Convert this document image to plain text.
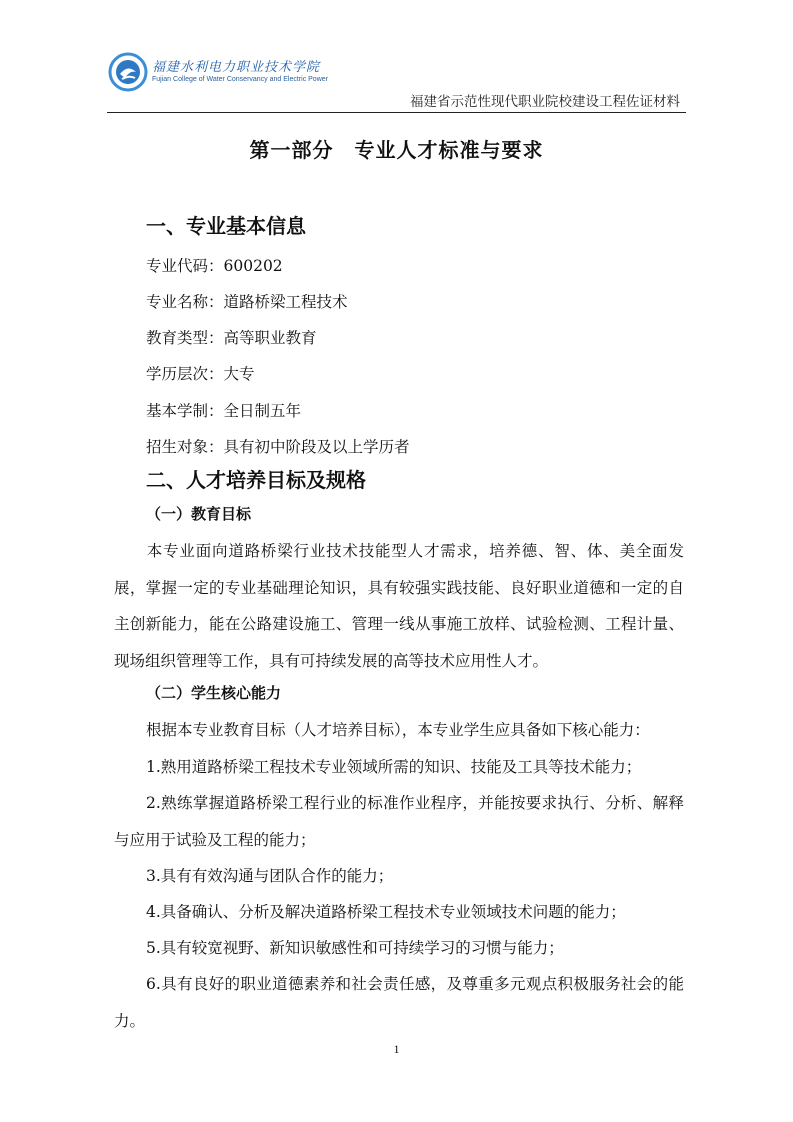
福建水利电力职业技术学院
Fujian College of Water Conservancy and Electric Power
福建省示范性现代职业院校建设工程佐证材料
第一部分　专业人才标准与要求
一、专业基本信息
专业代码：600202
专业名称：道路桥梁工程技术
教育类型：高等职业教育
学历层次：大专
基本学制：全日制五年
招生对象：具有初中阶段及以上学历者
二、人才培养目标及规格
（一）教育目标
本专业面向道路桥梁行业技术技能型人才需求，培养德、智、体、美全面发展，掌握一定的专业基础理论知识，具有较强实践技能、良好职业道德和一定的自主创新能力，能在公路建设施工、管理一线从事施工放样、试验检测、工程计量、现场组织管理等工作，具有可持续发展的高等技术应用性人才。
（二）学生核心能力
根据本专业教育目标（人才培养目标），本专业学生应具备如下核心能力：
1.熟用道路桥梁工程技术专业领域所需的知识、技能及工具等技术能力；
2.熟练掌握道路桥梁工程行业的标准作业程序，并能按要求执行、分析、解释与应用于试验及工程的能力；
3.具有有效沟通与团队合作的能力；
4.具备确认、分析及解决道路桥梁工程技术专业领域技术问题的能力；
5.具有较宽视野、新知识敏感性和可持续学习的习惯与能力；
6.具有良好的职业道德素养和社会责任感，及尊重多元观点积极服务社会的能力。
1
